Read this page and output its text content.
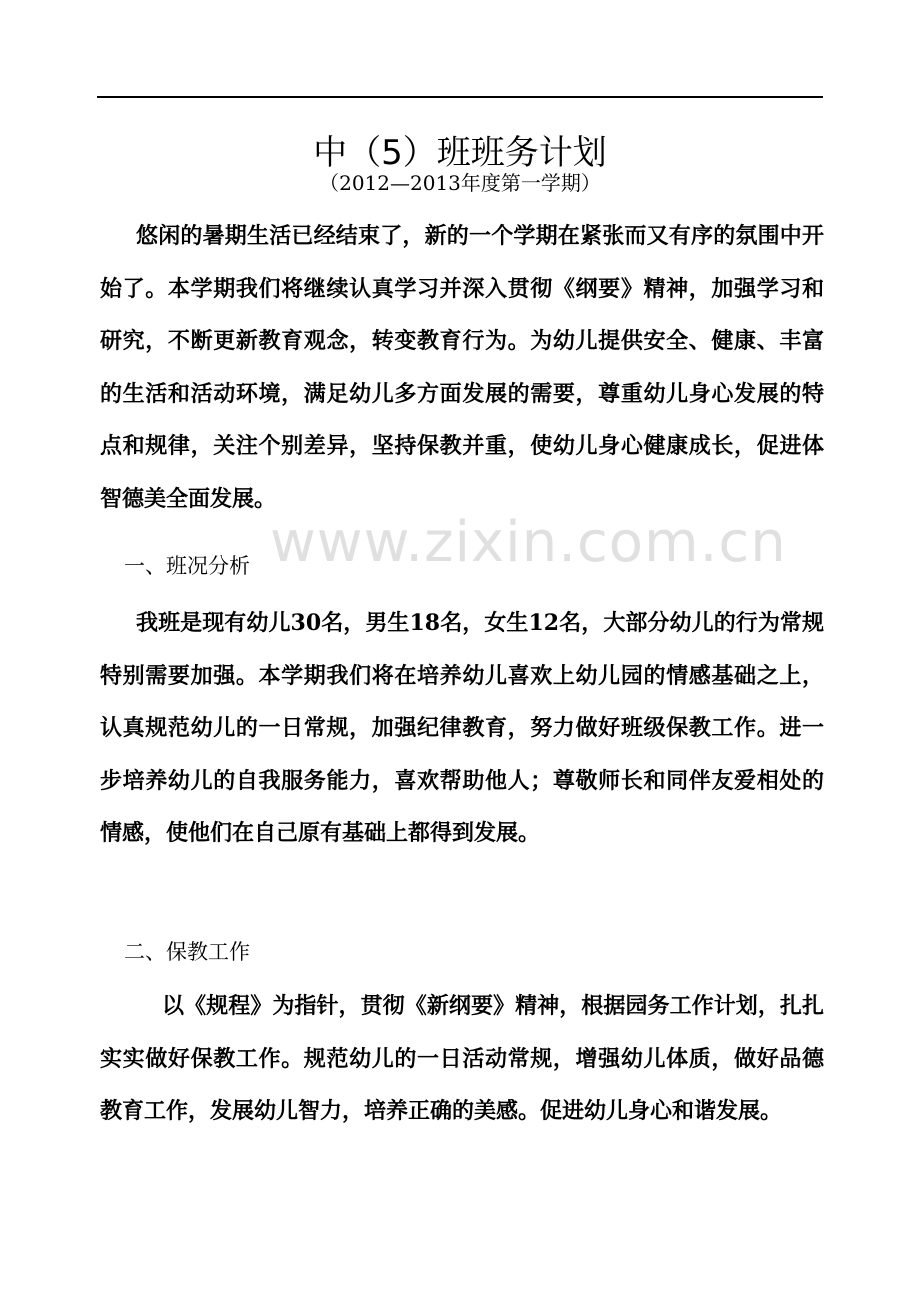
中（5）班班务计划
（2012—2013年度第一学期）

悠闲的暑期生活已经结束了，新的一个学期在紧张而又有序的氛围中开始了。本学期我们将继续认真学习并深入贯彻《纲要》精神，加强学习和研究，不断更新教育观念，转变教育行为。为幼儿提供安全、健康、丰富的生活和活动环境，满足幼儿多方面发展的需要，尊重幼儿身心发展的特点和规律，关注个别差异，坚持保教并重，使幼儿身心健康成长，促进体智德美全面发展。

一、班况分析

我班是现有幼儿30名，男生18名，女生12名，大部分幼儿的行为常规特别需要加强。本学期我们将在培养幼儿喜欢上幼儿园的情感基础之上，认真规范幼儿的一日常规，加强纪律教育，努力做好班级保教工作。进一步培养幼儿的自我服务能力，喜欢帮助他人；尊敬师长和同伴友爱相处的情感，使他们在自己原有基础上都得到发展。

二、保教工作

以《规程》为指针，贯彻《新纲要》精神，根据园务工作计划，扎扎实实做好保教工作。规范幼儿的一日活动常规，增强幼儿体质，做好品德教育工作，发展幼儿智力，培养正确的美感。促进幼儿身心和谐发展。

www.zixin.com.cn
